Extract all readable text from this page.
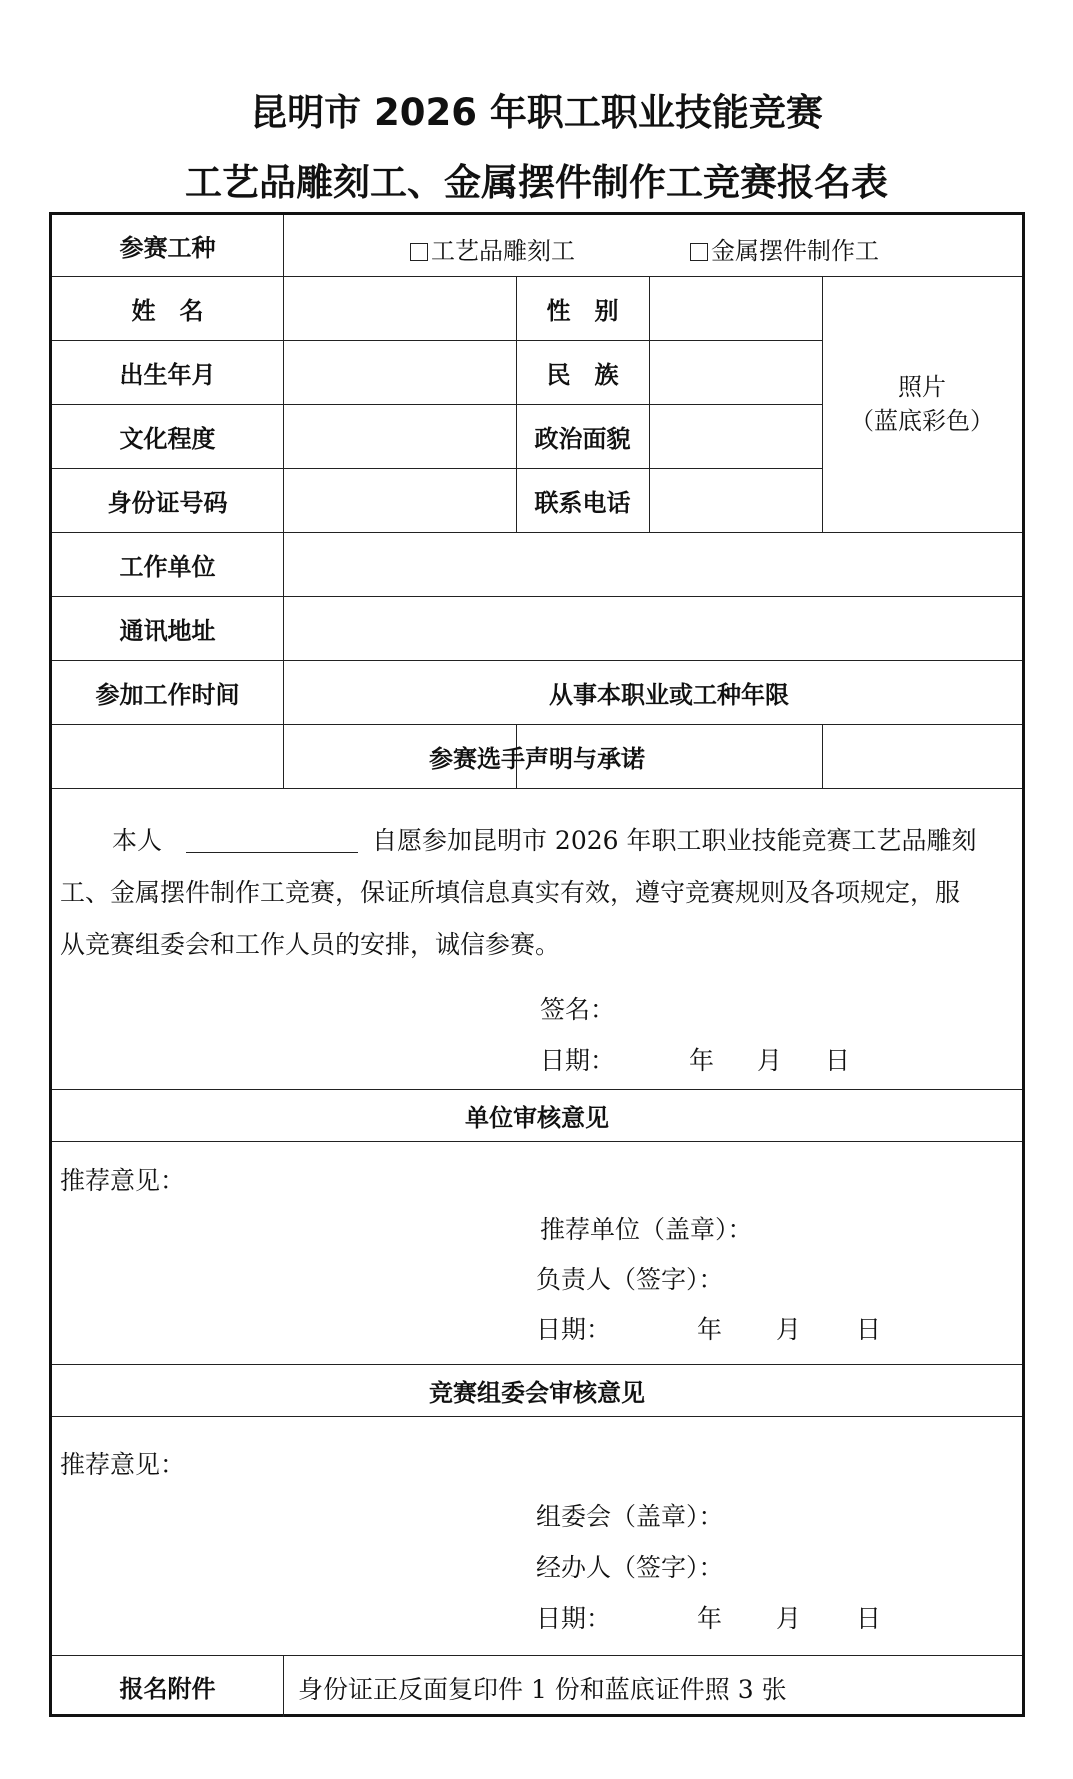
昆明市 2026 年职工职业技能竞赛
工艺品雕刻工、金属摆件制作工竞赛报名表
参赛工种	工艺品雕刻工	金属摆件制作工
姓　名	性　别
出生年月	民　族
文化程度	政治面貌
身份证号码	联系电话
照片
（蓝底彩色）
工作单位
通讯地址
参加工作时间	从事本职业或工种年限
参赛选手声明与承诺
本人	自愿参加昆明市 2026 年职工职业技能竞赛工艺品雕刻
工、金属摆件制作工竞赛，保证所填信息真实有效，遵守竞赛规则及各项规定，服
从竞赛组委会和工作人员的安排，诚信参赛。
签名：
日期：	年 月 日
单位审核意见
推荐意见：
推荐单位（盖章）：
负责人（签字）：
日期：	年 月 日
竞赛组委会审核意见
推荐意见：
组委会（盖章）：
经办人（签字）：
日期：	年 月 日
报名附件	身份证正反面复印件 1 份和蓝底证件照 3 张
